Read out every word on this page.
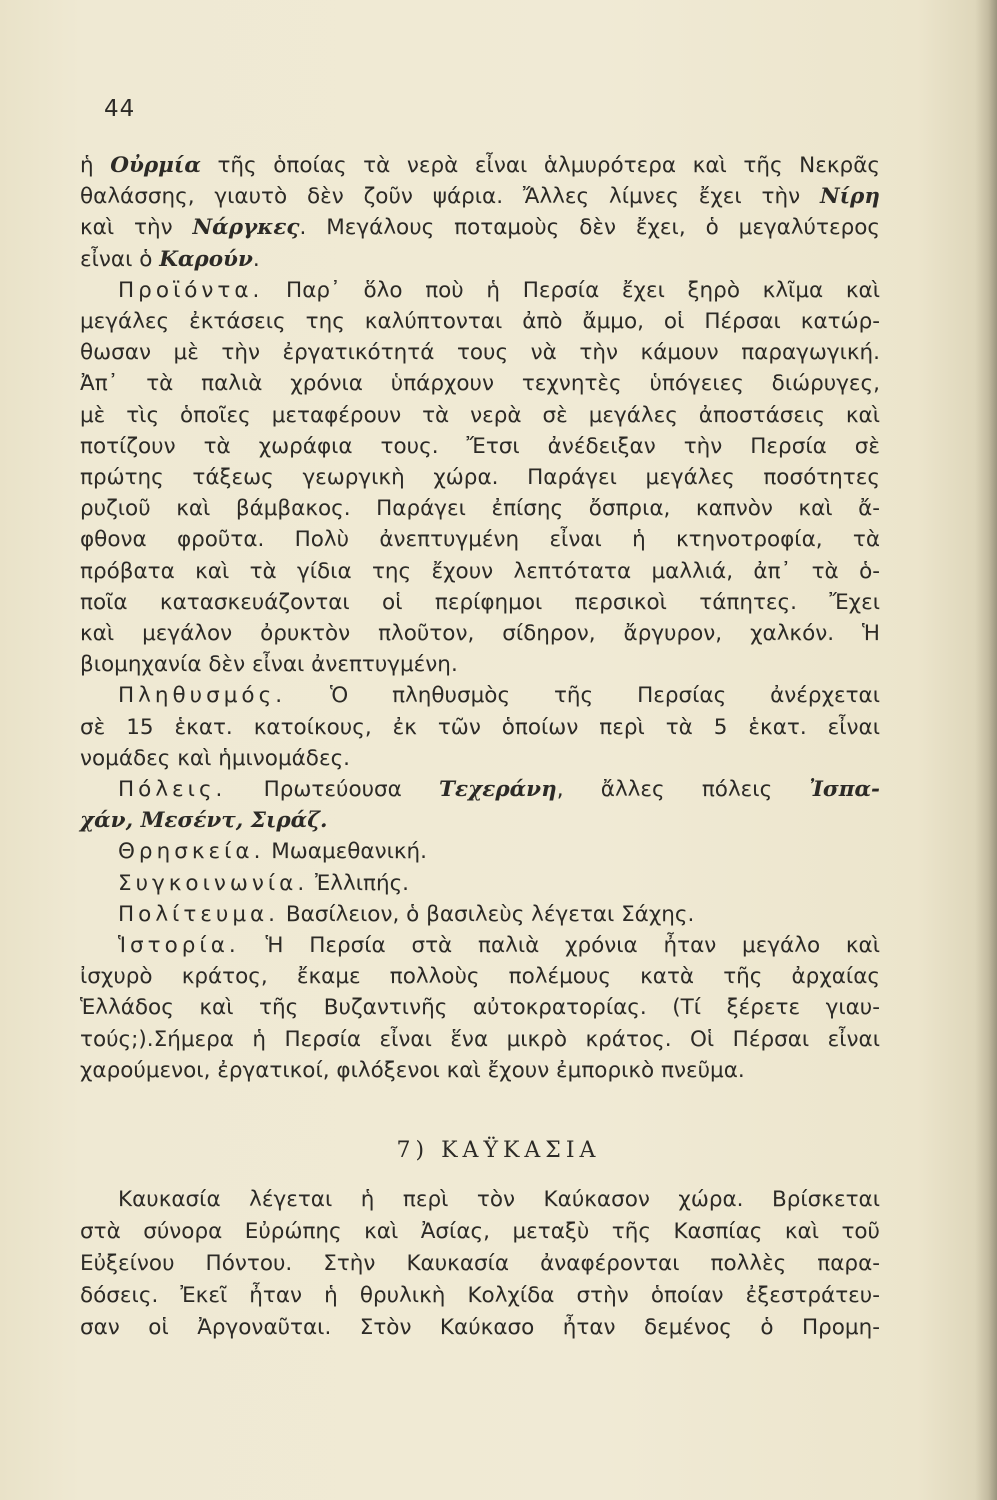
44
ἡ Οὐρμία τῆς ὁποίας τὰ νερὰ εἶναι ἁλμυρότερα καὶ τῆς Νεκρᾶς
θαλάσσης, γιαυτὸ δὲν ζοῦν ψάρια. Ἄλλες λίμνες ἔχει τὴν Νίρη
καὶ τὴν Νάργκες. Μεγάλους ποταμοὺς δὲν ἔχει, ὁ μεγαλύτερος
εἶναι ὁ Καρούν.
Προϊόντα. Παρ᾿ ὅλο ποὺ ἡ Περσία ἔχει ξηρὸ κλῖμα καὶ
μεγάλες ἐκτάσεις της καλύπτονται ἀπὸ ἄμμο, οἱ Πέρσαι κατώρ-
θωσαν μὲ τὴν ἐργατικότητά τους νὰ τὴν κάμουν παραγωγική.
Ἀπ᾿ τὰ παλιὰ χρόνια ὑπάρχουν τεχνητὲς ὑπόγειες διώρυγες,
μὲ τὶς ὁποῖες μεταφέρουν τὰ νερὰ σὲ μεγάλες ἀποστάσεις καὶ
ποτίζουν τὰ χωράφια τους. Ἔτσι ἀνέδειξαν τὴν Περσία σὲ
πρώτης τάξεως γεωργικὴ χώρα. Παράγει μεγάλες ποσότητες
ρυζιοῦ καὶ βάμβακος. Παράγει ἐπίσης ὄσπρια, καπνὸν καὶ ἄ-
φθονα φροῦτα. Πολὺ ἀνεπτυγμένη εἶναι ἡ κτηνοτροφία, τὰ
πρόβατα καὶ τὰ γίδια της ἔχουν λεπτότατα μαλλιά, ἀπ᾿ τὰ ὁ-
ποῖα κατασκευάζονται οἱ περίφημοι περσικοὶ τάπητες. Ἔχει
καὶ μεγάλον ὀρυκτὸν πλοῦτον, σίδηρον, ἄργυρον, χαλκόν. Ἡ
βιομηχανία δὲν εἶναι ἀνεπτυγμένη.
Πληθυσμός. Ὁ πληθυσμὸς τῆς Περσίας ἀνέρχεται
σὲ 15 ἑκατ. κατοίκους, ἐκ τῶν ὁποίων περὶ τὰ 5 ἑκατ. εἶναι
νομάδες καὶ ἡμινομάδες.
Πόλεις. Πρωτεύουσα Τεχεράνη, ἄλλες πόλεις Ἰσπα-
χάν, Μεσέντ, Σιράζ.
Θρησκεία. Μωαμεθανική.
Συγκοινωνία. Ἐλλιπής.
Πολίτευμα. Βασίλειον, ὁ βασιλεὺς λέγεται Σάχης.
Ἱστορία. Ἡ Περσία στὰ παλιὰ χρόνια ἦταν μεγάλο καὶ
ἰσχυρὸ κράτος, ἔκαμε πολλοὺς πολέμους κατὰ τῆς ἀρχαίας
Ἑλλάδος καὶ τῆς Βυζαντινῆς αὐτοκρατορίας. (Τί ξέρετε γιαυ-
τούς;).Σήμερα ἡ Περσία εἶναι ἕνα μικρὸ κράτος. Οἱ Πέρσαι εἶναι
χαρούμενοι, ἐργατικοί, φιλόξενοι καὶ ἔχουν ἐμπορικὸ πνεῦμα.
7) ΚΑΫΚΑΣΙΑ
Καυκασία λέγεται ἡ περὶ τὸν Καύκασον χώρα. Βρίσκεται
στὰ σύνορα Εὐρώπης καὶ Ἀσίας, μεταξὺ τῆς Κασπίας καὶ τοῦ
Εὐξείνου Πόντου. Στὴν Καυκασία ἀναφέρονται πολλὲς παρα-
δόσεις. Ἐκεῖ ἦταν ἡ θρυλικὴ Κολχίδα στὴν ὁποίαν ἐξεστράτευ-
σαν οἱ Ἀργοναῦται. Στὸν Καύκασο ἦταν δεμένος ὁ Προμη-
